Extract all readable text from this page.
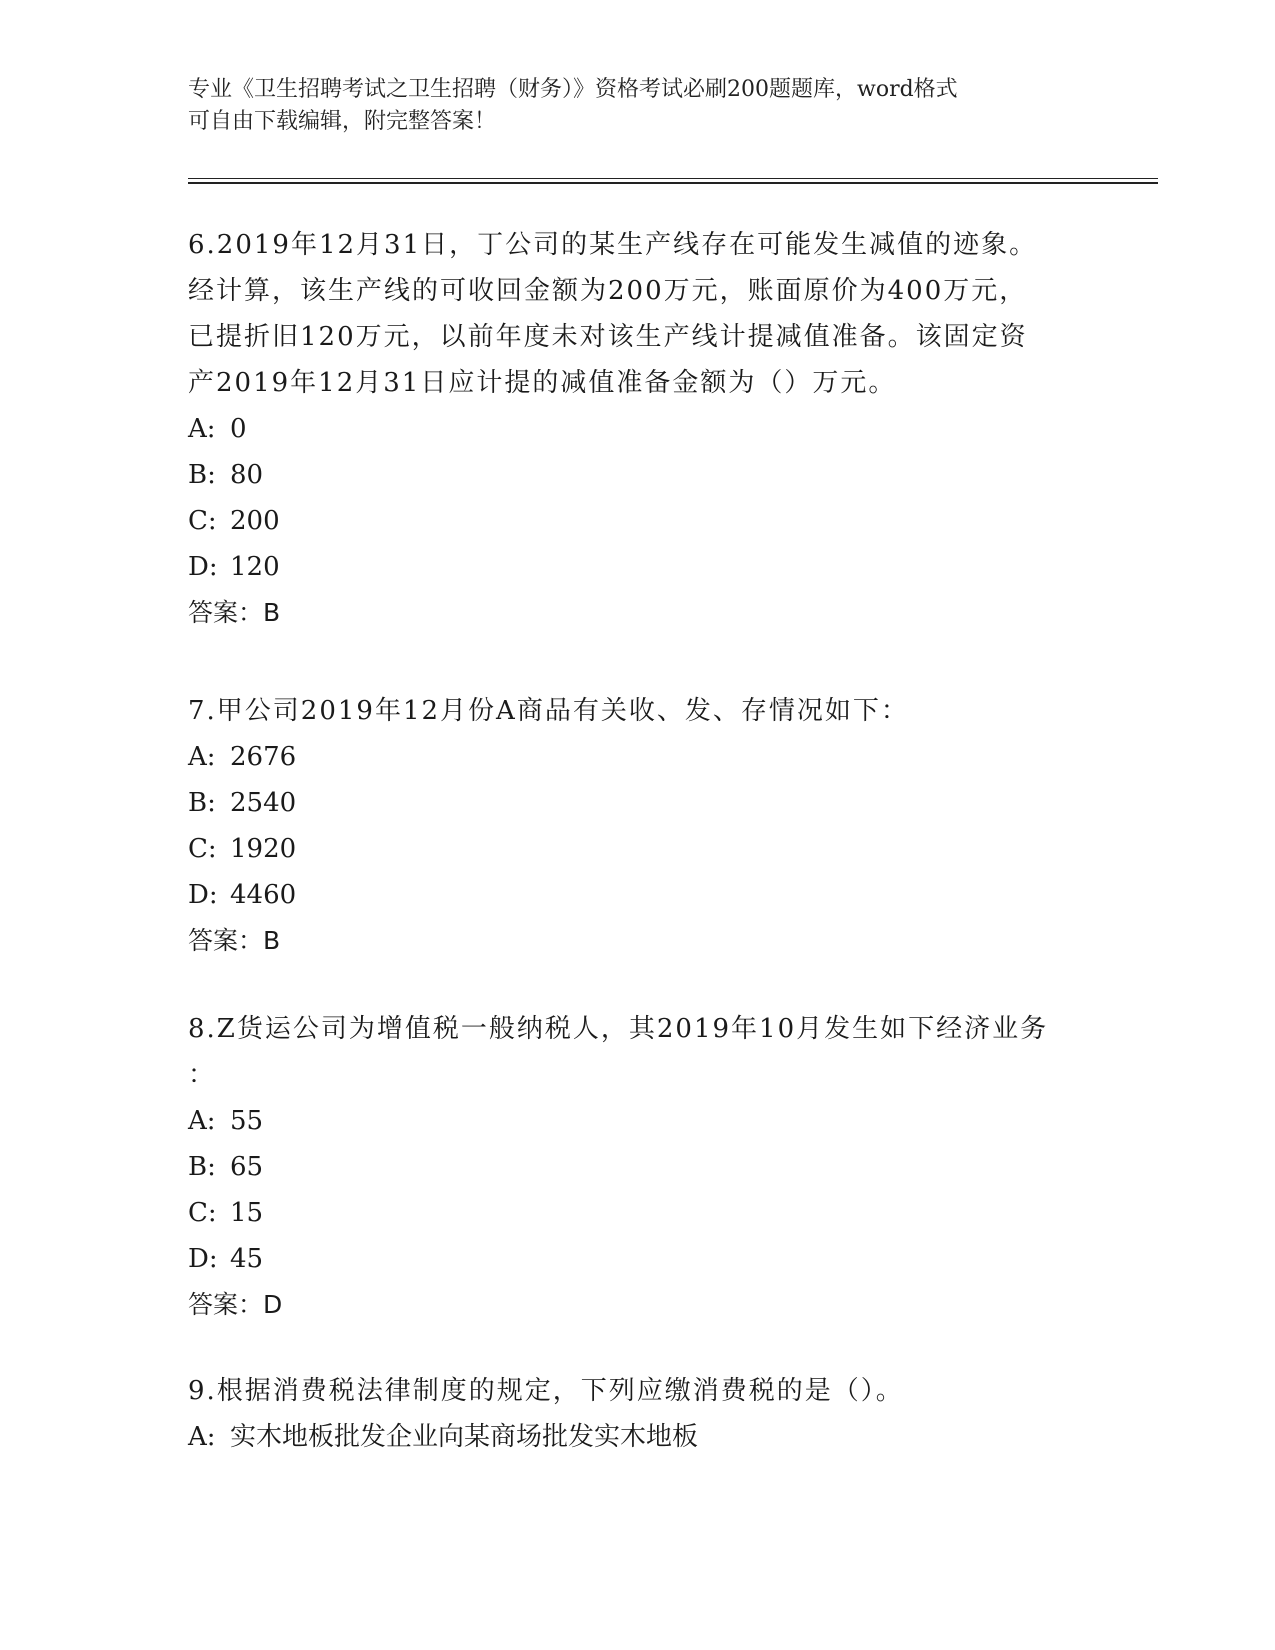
专业《卫生招聘考试之卫生招聘（财务）》资格考试必刷200题题库，word格式
可自由下载编辑，附完整答案！
6.2019年12月31日，丁公司的某生产线存在可能发生减值的迹象。
经计算，该生产线的可收回金额为200万元，账面原价为400万元，
已提折旧120万元，以前年度未对该生产线计提减值准备。该固定资
产2019年12月31日应计提的减值准备金额为（）万元。
A: 0
B: 80
C: 200
D: 120
答案：B
7.甲公司2019年12月份A商品有关收、发、存情况如下：
A: 2676
B: 2540
C: 1920
D: 4460
答案：B
8.Z货运公司为增值税一般纳税人，其2019年10月发生如下经济业务
：
A: 55
B: 65
C: 15
D: 45
答案：D
9.根据消费税法律制度的规定，下列应缴消费税的是（）。
A: 实木地板批发企业向某商场批发实木地板
